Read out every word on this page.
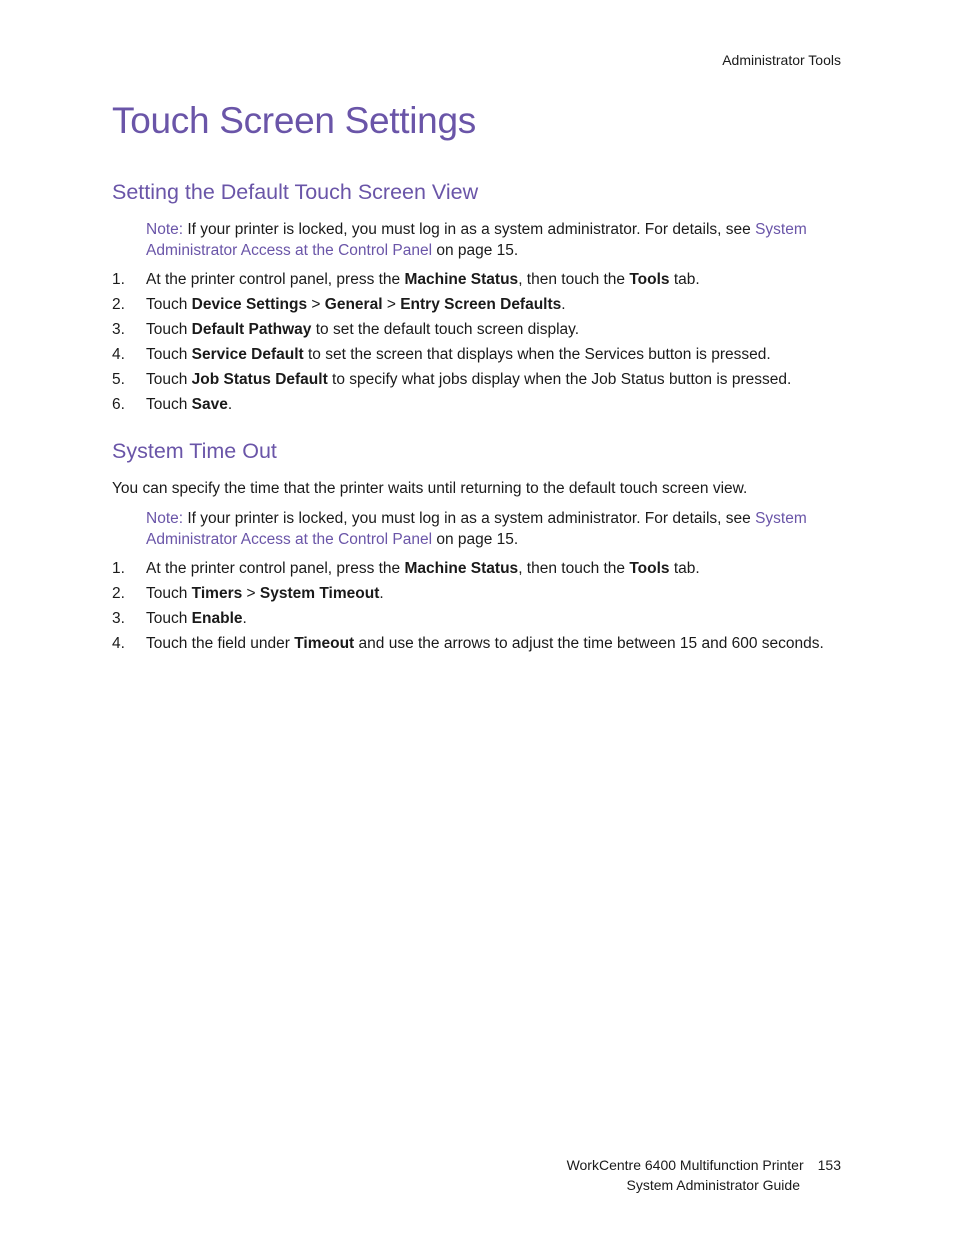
Administrator Tools
Touch Screen Settings
Setting the Default Touch Screen View
Note: If your printer is locked, you must log in as a system administrator. For details, see System Administrator Access at the Control Panel on page 15.
1. At the printer control panel, press the Machine Status, then touch the Tools tab.
2. Touch Device Settings > General > Entry Screen Defaults.
3. Touch Default Pathway to set the default touch screen display.
4. Touch Service Default to set the screen that displays when the Services button is pressed.
5. Touch Job Status Default to specify what jobs display when the Job Status button is pressed.
6. Touch Save.
System Time Out
You can specify the time that the printer waits until returning to the default touch screen view.
Note: If your printer is locked, you must log in as a system administrator. For details, see System Administrator Access at the Control Panel on page 15.
1. At the printer control panel, press the Machine Status, then touch the Tools tab.
2. Touch Timers > System Timeout.
3. Touch Enable.
4. Touch the field under Timeout and use the arrows to adjust the time between 15 and 600 seconds.
WorkCentre 6400 Multifunction Printer 153
System Administrator Guide
